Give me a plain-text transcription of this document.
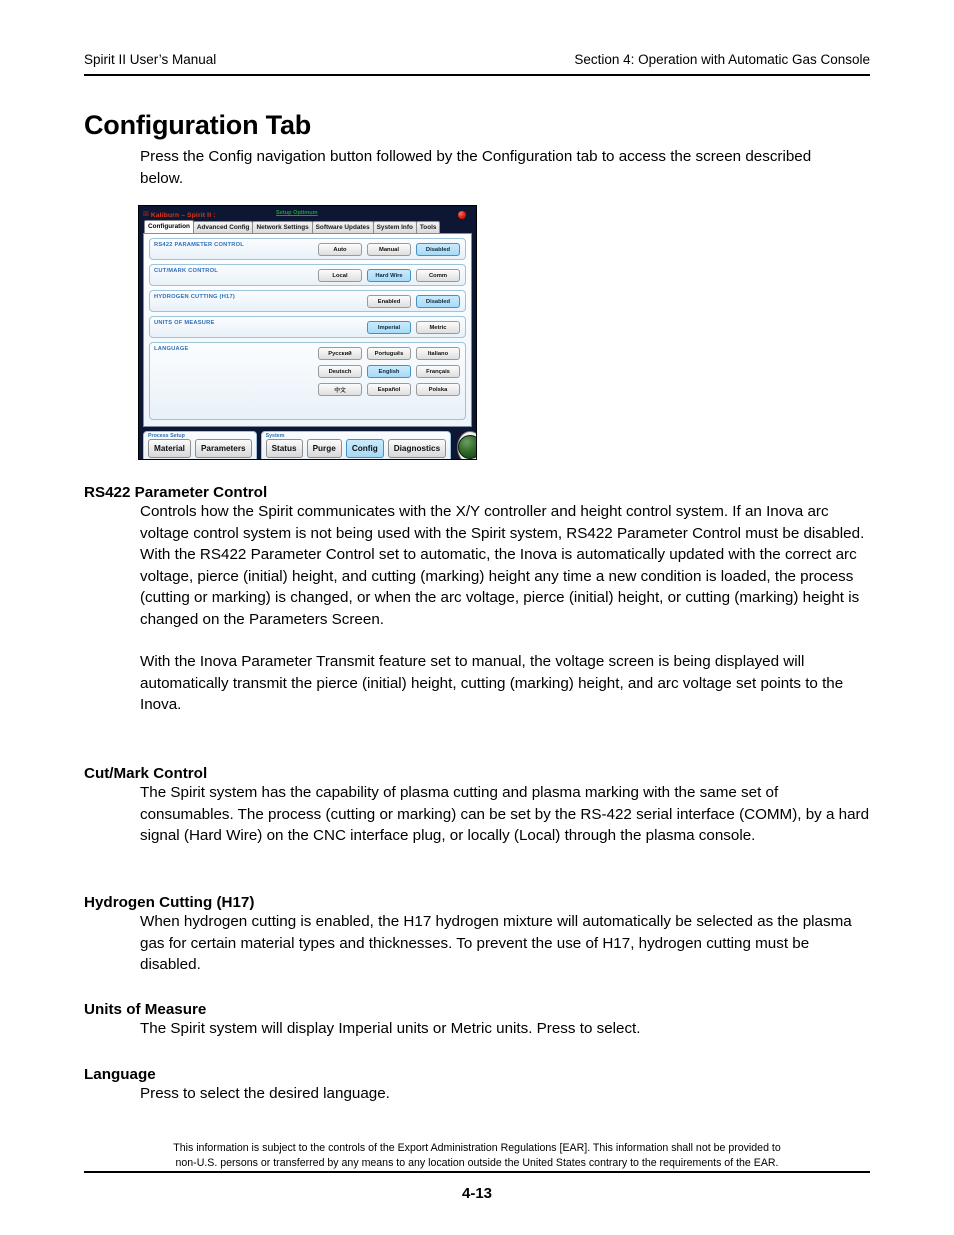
Spirit II User’s Manual	Section 4: Operation with Automatic Gas Console
Configuration Tab
Press the Config navigation button followed by the Configuration tab to access the screen described below.
☒ Kaliburn – Spirit II :	Setup Optimum
Configuration	Advanced Config	Network Settings	Software Updates	System Info	Tools
RS422 PARAMETER CONTROL
Auto	Manual	Disabled
CUT/MARK CONTROL
Local	Hard Wire	Comm
HYDROGEN CUTTING (H17)
Enabled	Disabled
UNITS OF MEASURE
Imperial	Metric
LANGUAGE
Русский	Português	Italiano
Deutsch	English	Français
中文	Español	Polska
Process Setup
Material	Parameters
System
Status	Purge	Config	Diagnostics
RS422 Parameter Control

Controls how the Spirit communicates with the X/Y controller and height control system. If an Inova arc voltage control system is not being used with the Spirit system, RS422 Parameter Control must be disabled. With the RS422 Parameter Control set to automatic, the Inova is automatically updated with the correct arc voltage, pierce (initial) height, and cutting (marking) height any time a new condition is loaded, the process (cutting or marking) is changed, or when the arc voltage, pierce (initial) height, or cutting (marking) height is changed on the Parameters Screen.

With the Inova Parameter Transmit feature set to manual, the voltage screen is being displayed will automatically transmit the pierce (initial) height, cutting (marking) height, and arc voltage set points to the Inova.

Cut/Mark Control

The Spirit system has the capability of plasma cutting and plasma marking with the same set of consumables. The process (cutting or marking) can be set by the RS-422 serial interface (COMM), by a hard signal (Hard Wire) on the CNC interface plug, or locally (Local) through the plasma console.

Hydrogen Cutting (H17)

When hydrogen cutting is enabled, the H17 hydrogen mixture will automatically be selected as the plasma gas for certain material types and thicknesses. To prevent the use of H17, hydrogen cutting must be disabled.

Units of Measure

The Spirit system will display Imperial units or Metric units. Press to select.

Language

Press to select the desired language.

This information is subject to the controls of the Export Administration Regulations [EAR]. This information shall not be provided to
non-U.S. persons or transferred by any means to any location outside the United States contrary to the requirements of the EAR.
4-13
